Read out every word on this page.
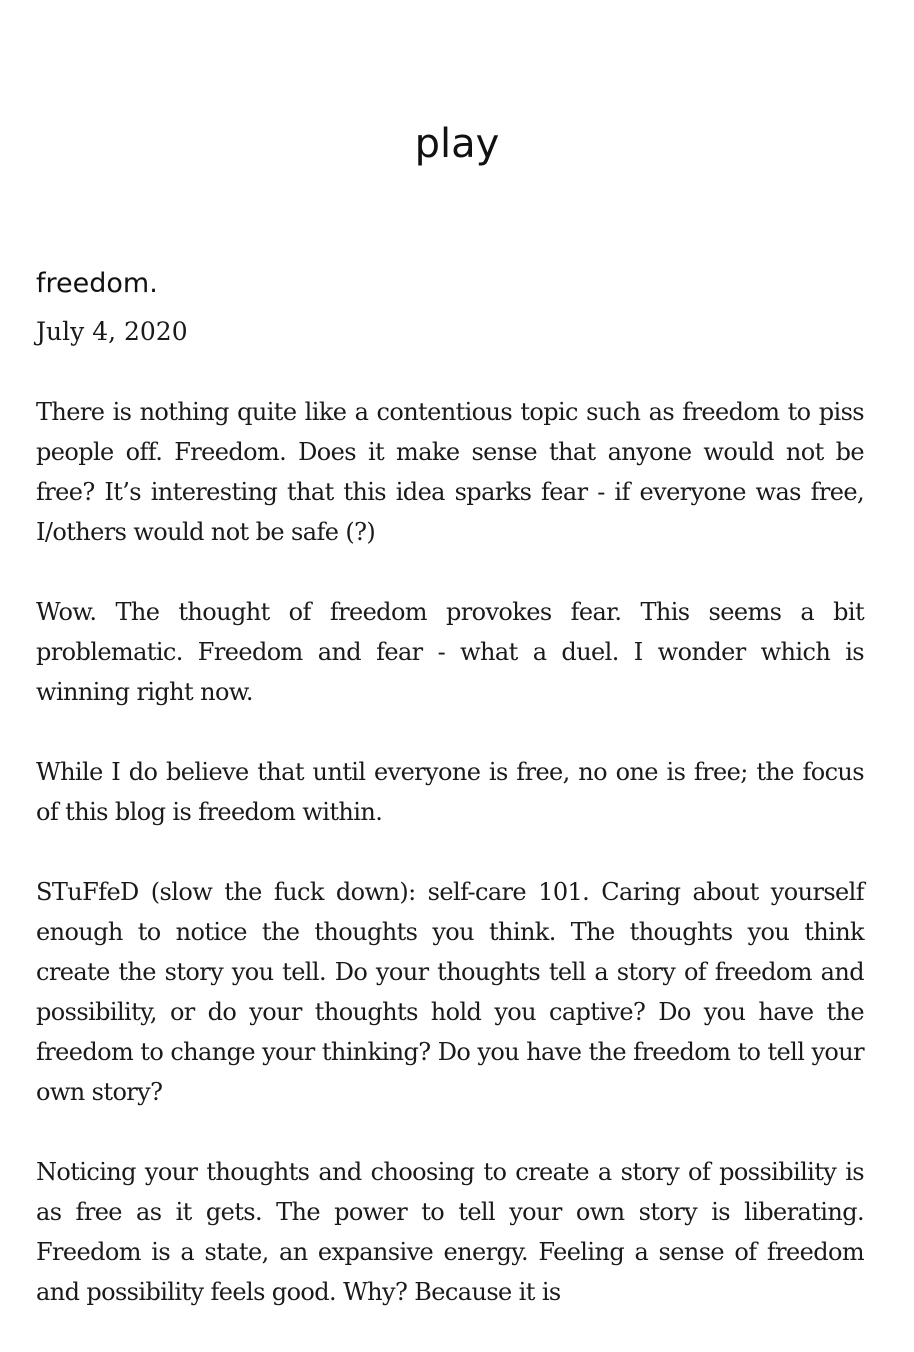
play
freedom.
July 4, 2020

There is nothing quite like a contentious topic such as freedom to piss people off. Freedom. Does it make sense that anyone would not be free? It’s interesting that this idea sparks fear - if everyone was free, I/others would not be safe (?)

Wow. The thought of freedom provokes fear. This seems a bit problematic. Freedom and fear - what a duel. I wonder which is winning right now.

While I do believe that until everyone is free, no one is free; the focus of this blog is freedom within.

STuFfeD (slow the fuck down): self-care 101. Caring about yourself enough to notice the thoughts you think. The thoughts you think create the story you tell. Do your thoughts tell a story of freedom and possibility, or do your thoughts hold you captive? Do you have the freedom to change your thinking? Do you have the freedom to tell your own story?

Noticing your thoughts and choosing to create a story of possibility is as free as it gets. The power to tell your own story is liberating. Freedom is a state, an expansive energy. Feeling a sense of freedom and possibility feels good. Why? Because it is
